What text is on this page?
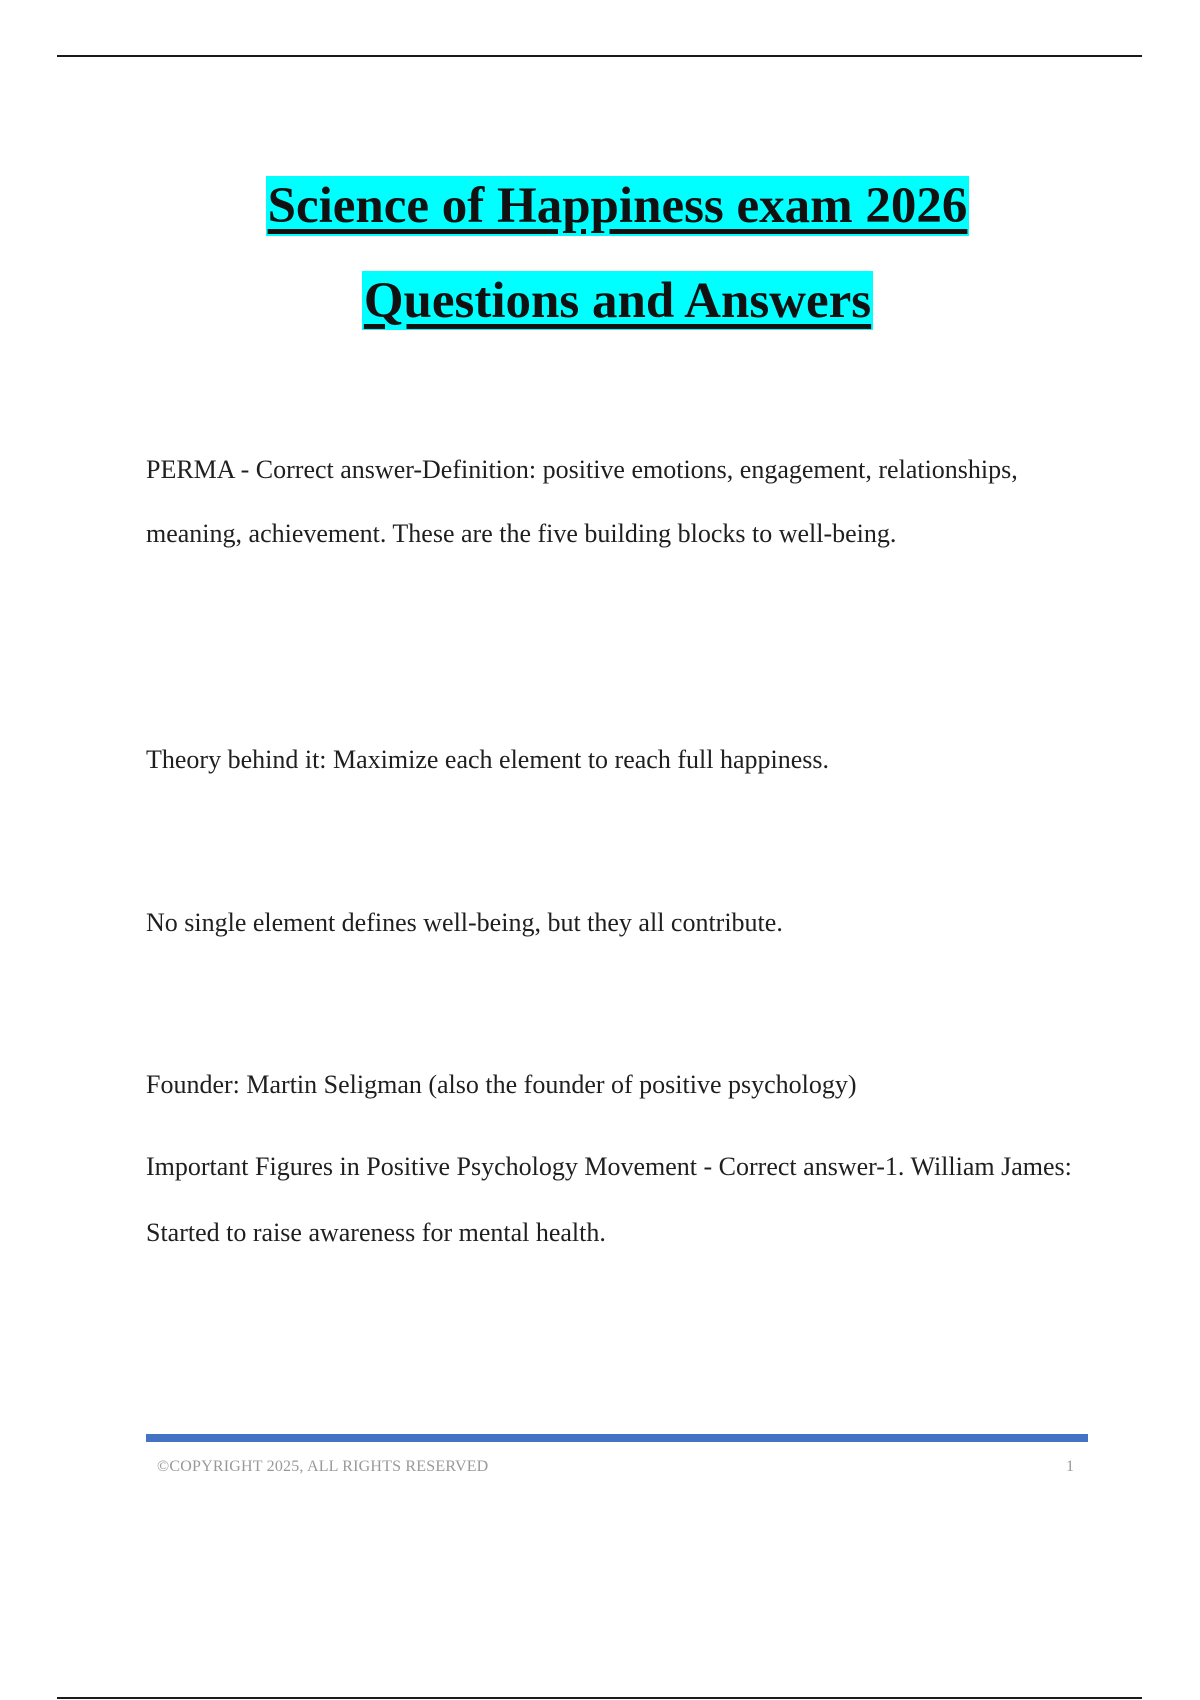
Science of Happiness exam 2026
Questions and Answers
PERMA - Correct answer-Definition: positive emotions, engagement, relationships, meaning, achievement. These are the five building blocks to well-being.
Theory behind it: Maximize each element to reach full happiness.
No single element defines well-being, but they all contribute.
Founder: Martin Seligman (also the founder of positive psychology)
Important Figures in Positive Psychology Movement - Correct answer-1. William James: Started to raise awareness for mental health.
©COPYRIGHT 2025, ALL RIGHTS RESERVED	1
